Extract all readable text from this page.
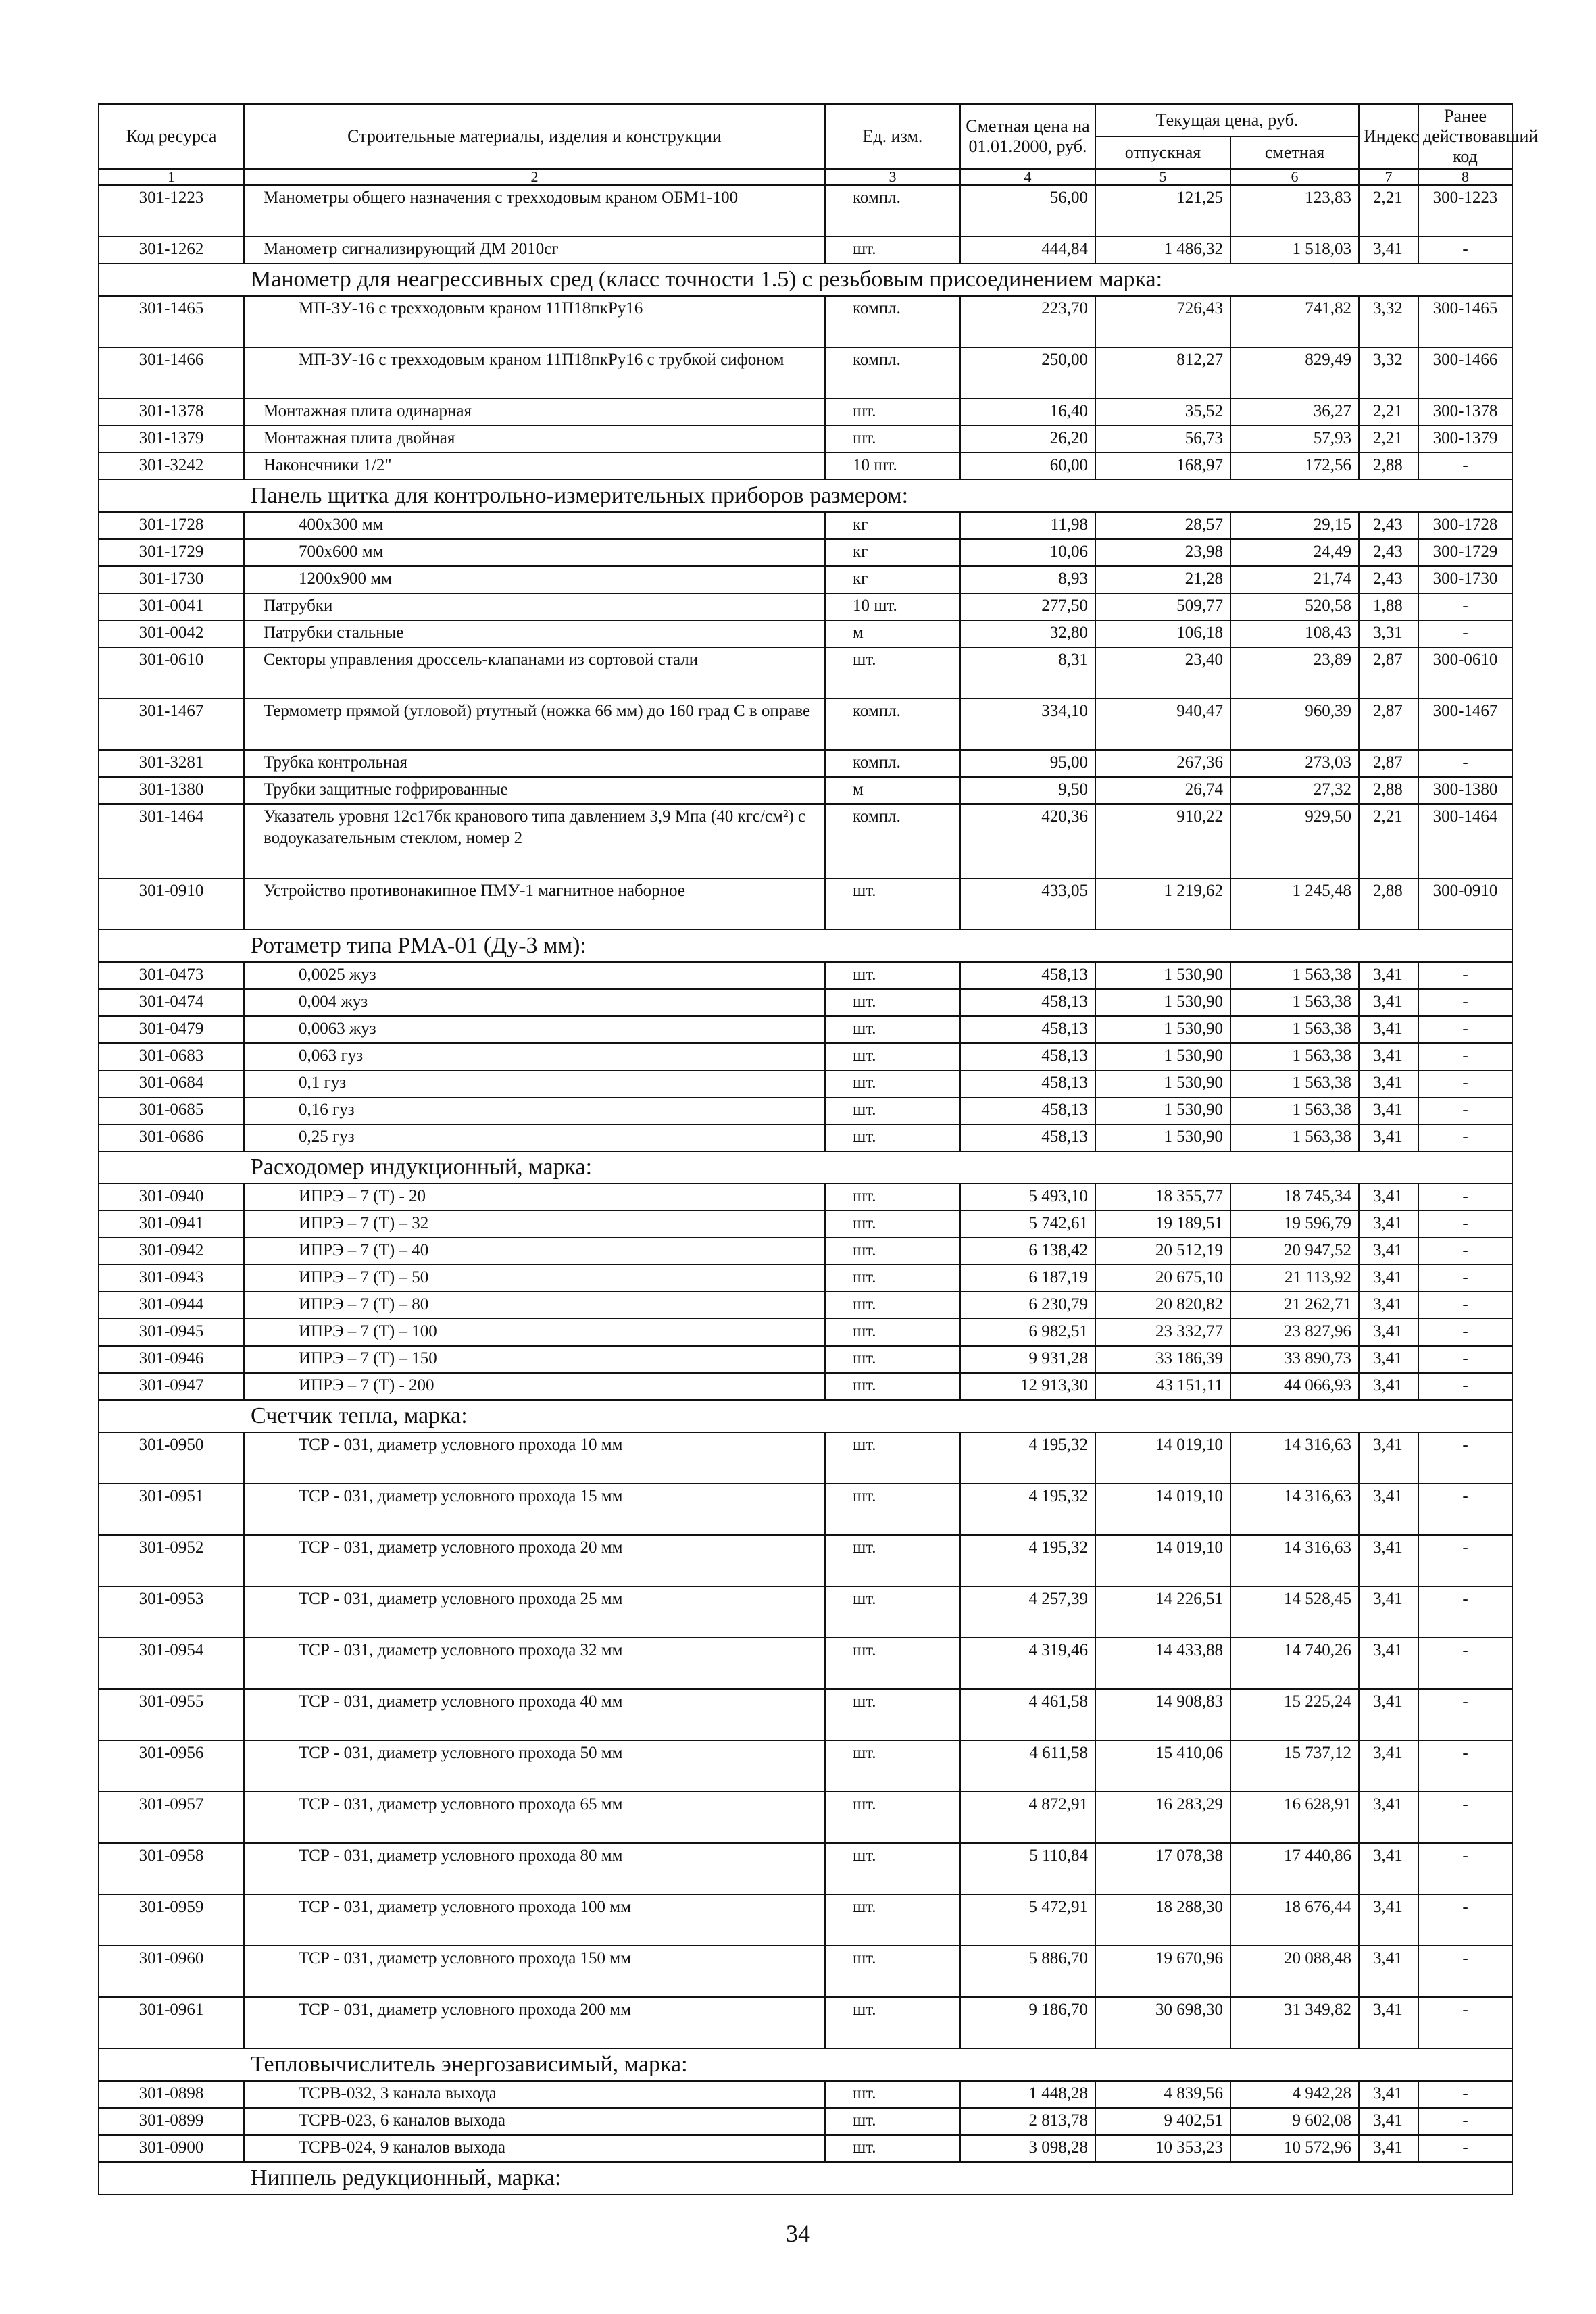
Код ресурса	Строительные материалы, изделия и конструкции	Ед. изм.	Сметная цена на 01.01.2000, руб.	Текущая цена, руб.		Индекс	Ранее действовавший код
				отпускная	сметная		
1	2	3	4	5	6	7	8
301-1223	Манометры общего назначения с трехходовым краном ОБМ1-100	компл.	56,00	121,25	123,83	2,21	300-1223
301-1262	Манометр сигнализирующий ДМ 2010сг	шт.	444,84	1 486,32	1 518,03	3,41	-
Манометр для неагрессивных сред (класс точности 1.5) с резьбовым присоединением марка:							
301-1465	МП-3У-16 с трехходовым краном 11П18пкРу16	компл.	223,70	726,43	741,82	3,32	300-1465
301-1466	МП-3У-16 с трехходовым краном 11П18пкРу16 с трубкой сифоном	компл.	250,00	812,27	829,49	3,32	300-1466
301-1378	Монтажная плита одинарная	шт.	16,40	35,52	36,27	2,21	300-1378
301-1379	Монтажная плита двойная	шт.	26,20	56,73	57,93	2,21	300-1379
301-3242	Наконечники 1/2"	10 шт.	60,00	168,97	172,56	2,88	-
Панель щитка для контрольно-измерительных приборов размером:							
301-1728	400x300 мм	кг	11,98	28,57	29,15	2,43	300-1728
301-1729	700x600 мм	кг	10,06	23,98	24,49	2,43	300-1729
301-1730	1200x900 мм	кг	8,93	21,28	21,74	2,43	300-1730
301-0041	Патрубки	10 шт.	277,50	509,77	520,58	1,88	-
301-0042	Патрубки стальные	м	32,80	106,18	108,43	3,31	-
301-0610	Секторы управления дроссель-клапанами из сортовой стали	шт.	8,31	23,40	23,89	2,87	300-0610
301-1467	Термометр прямой (угловой) ртутный (ножка 66 мм) до 160 град С в оправе	компл.	334,10	940,47	960,39	2,87	300-1467
301-3281	Трубка контрольная	компл.	95,00	267,36	273,03	2,87	-
301-1380	Трубки защитные гофрированные	м	9,50	26,74	27,32	2,88	300-1380
301-1464	Указатель уровня 12с17бк кранового типа давлением 3,9 Мпа (40 кгс/см²) с водоуказательным стеклом, номер 2	компл.	420,36	910,22	929,50	2,21	300-1464
301-0910	Устройство противонакипное ПМУ-1 магнитное наборное	шт.	433,05	1 219,62	1 245,48	2,88	300-0910
Ротаметр типа РМА-01 (Ду-3 мм):							
301-0473	0,0025 жуз	шт.	458,13	1 530,90	1 563,38	3,41	-
301-0474	0,004 жуз	шт.	458,13	1 530,90	1 563,38	3,41	-
301-0479	0,0063 жуз	шт.	458,13	1 530,90	1 563,38	3,41	-
301-0683	0,063 гуз	шт.	458,13	1 530,90	1 563,38	3,41	-
301-0684	0,1 гуз	шт.	458,13	1 530,90	1 563,38	3,41	-
301-0685	0,16 гуз	шт.	458,13	1 530,90	1 563,38	3,41	-
301-0686	0,25 гуз	шт.	458,13	1 530,90	1 563,38	3,41	-
Расходомер индукционный, марка:							
301-0940	ИПРЭ – 7 (Т) - 20	шт.	5 493,10	18 355,77	18 745,34	3,41	-
301-0941	ИПРЭ – 7 (Т) – 32	шт.	5 742,61	19 189,51	19 596,79	3,41	-
301-0942	ИПРЭ – 7 (Т) – 40	шт.	6 138,42	20 512,19	20 947,52	3,41	-
301-0943	ИПРЭ – 7 (Т) – 50	шт.	6 187,19	20 675,10	21 113,92	3,41	-
301-0944	ИПРЭ – 7 (Т) – 80	шт.	6 230,79	20 820,82	21 262,71	3,41	-
301-0945	ИПРЭ – 7 (Т) – 100	шт.	6 982,51	23 332,77	23 827,96	3,41	-
301-0946	ИПРЭ – 7 (Т) – 150	шт.	9 931,28	33 186,39	33 890,73	3,41	-
301-0947	ИПРЭ – 7 (Т) - 200	шт.	12 913,30	43 151,11	44 066,93	3,41	-
Счетчик тепла, марка:							
301-0950	ТСР - 031, диаметр условного прохода 10 мм	шт.	4 195,32	14 019,10	14 316,63	3,41	-
301-0951	ТСР - 031, диаметр условного прохода 15 мм	шт.	4 195,32	14 019,10	14 316,63	3,41	-
301-0952	ТСР - 031, диаметр условного прохода 20 мм	шт.	4 195,32	14 019,10	14 316,63	3,41	-
301-0953	ТСР - 031, диаметр условного прохода 25 мм	шт.	4 257,39	14 226,51	14 528,45	3,41	-
301-0954	ТСР - 031, диаметр условного прохода 32 мм	шт.	4 319,46	14 433,88	14 740,26	3,41	-
301-0955	ТСР - 031, диаметр условного прохода 40 мм	шт.	4 461,58	14 908,83	15 225,24	3,41	-
301-0956	ТСР - 031, диаметр условного прохода 50 мм	шт.	4 611,58	15 410,06	15 737,12	3,41	-
301-0957	ТСР - 031, диаметр условного прохода 65 мм	шт.	4 872,91	16 283,29	16 628,91	3,41	-
301-0958	ТСР - 031, диаметр условного прохода 80 мм	шт.	5 110,84	17 078,38	17 440,86	3,41	-
301-0959	ТСР - 031, диаметр условного прохода 100 мм	шт.	5 472,91	18 288,30	18 676,44	3,41	-
301-0960	ТСР - 031, диаметр условного прохода 150 мм	шт.	5 886,70	19 670,96	20 088,48	3,41	-
301-0961	ТСР - 031, диаметр условного прохода 200 мм	шт.	9 186,70	30 698,30	31 349,82	3,41	-
Тепловычислитель энергозависимый, марка:							
301-0898	ТСРВ-032, 3 канала выхода	шт.	1 448,28	4 839,56	4 942,28	3,41	-
301-0899	ТСРВ-023, 6 каналов выхода	шт.	2 813,78	9 402,51	9 602,08	3,41	-
301-0900	ТСРВ-024, 9 каналов выхода	шт.	3 098,28	10 353,23	10 572,96	3,41	-
Ниппель редукционный, марка:							
34
